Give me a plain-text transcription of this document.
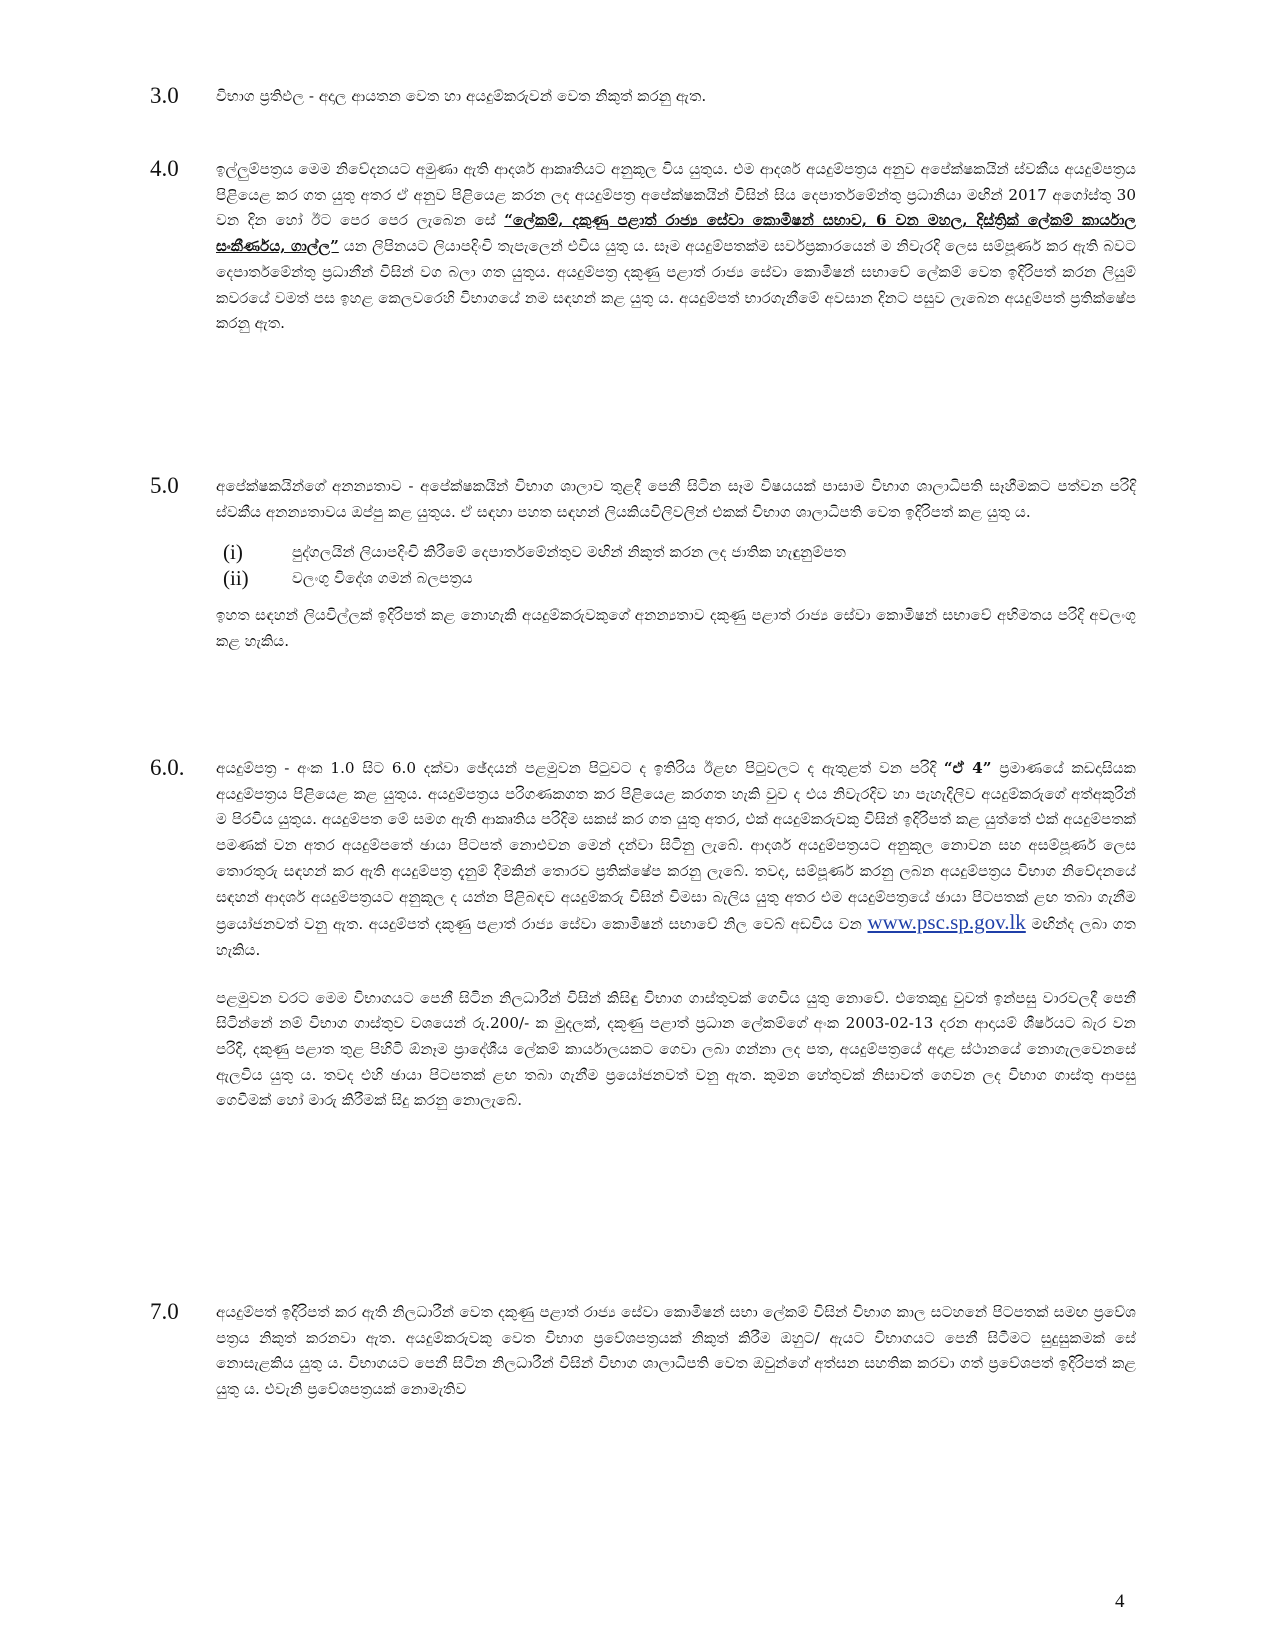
3.0 විභාග ප්‍රතිඵල - අදාල ආයතන වෙත හා අයදුම්කරුවන් වෙත නිකුත් කරනු ඇත.

4.0 ඉල්ලුම්පත්‍රය මෙම නිවේදනයට අමුණා ඇති ආදර්ශ ආකෘතියට අනුකූල විය යුතුය. එම ආදර්ශ අයදුම්පත්‍රය අනුව අපේක්ෂකයින් ස්වකීය අයදුම්පත්‍රය පිළියෙළ කර ගත යුතු අතර ඒ අනුව පිළියෙළ කරන ලද අයදුම්පත්‍ර අපේක්ෂකයින් විසින් සිය දෙපාර්තමේන්තු ප්‍රධානියා මඟින් 2017 අගෝස්තු 30 වන දින හෝ ඊට පෙර පෙර ලැබෙන සේ “ලේකම්, දකුණු පළාත් රාජ්‍ය සේවා කොමිෂන් සභාව, 6 වන මහල, දිස්ත්‍රික් ලේකම් කාර්යාල සංකීර්ණය, ගාල්ල” යන ලිපිනයට ලියාපදිංචි තැපැලෙන් එවිය යුතු ය. සෑම අයදුම්පතක්ම සර්වප්‍රකාරයෙන් ම නිවැරදි ලෙස සම්පූර්ණ කර ඇති බවට දෙපාර්තමේන්තු ප්‍රධානීන් විසින් වග බලා ගත යුතුය. අයදුම්පත්‍ර දකුණු පළාත් රාජ්‍ය සේවා කොමිෂන් සභාවේ ලේකම් වෙත ඉදිරිපත් කරන ලියුම් කවරයේ වමත් පස ඉහළ කෙලවරෙහි විභාගයේ නම සඳහන් කළ යුතු ය. අයදුම්පත් භාරගැනීමේ අවසාන දිනට පසුව ලැබෙන අයදුම්පත් ප්‍රතික්ෂේප කරනු ඇත.

5.0 අපේක්ෂකයින්ගේ අනන්‍යතාව - අපේක්ෂකයින් විභාග ශාලාව තුළදී පෙනී සිටින සෑම විෂයයක් පාසාම විභාග ශාලාධිපති සෑහීමකට පත්වන පරිදි ස්වකීය අනන්‍යතාවය ඔප්පු කළ යුතුය. ඒ සඳහා පහත සඳහන් ලියකියවිලිවලින් එකක් විභාග ශාලාධිපති වෙත ඉදිරිපත් කළ යුතු ය.

(i)	පුද්ගලයින් ලියාපදිංචි කිරීමේ දෙපාර්තමේන්තුව මඟින් නිකුත් කරන ලද ජාතික හැඳුනුම්පත
(ii)	වලංගු විදේශ ගමන් බලපත්‍රය

ඉහත සඳහන් ලියවිල්ලක් ඉදිරිපත් කළ නොහැකි අයදුම්කරුවකුගේ අනන්‍යතාව දකුණු පළාත් රාජ්‍ය සේවා කොමිෂන් සභාවේ අභිමතය පරිදි අවලංගු කළ හැකිය.

6.0. අයදුම්පත්‍ර - අංක 1.0 සිට 6.0 දක්වා ඡේදයන් පළමුවන පිටුවට ද ඉතිරිය ඊළඟ පිටුවලට ද ඇතුළත් වන පරිදි “ඒ 4” ප්‍රමාණයේ කඩදාසියක අයදුම්පත්‍රය පිළියෙළ කළ යුතුය. අයදුම්පත්‍රය පරිගණකගත කර පිළියෙළ කරගත හැකි වුව ද එය නිවැරදිව හා පැහැදිලිව අයදුම්කරුගේ අත්අකුරින් ම පිරවිය යුතුය. අයදුම්පත මේ සමග ඇති ආකෘතිය පරිදිම සකස් කර ගත යුතු අතර, එක් අයදුම්කරුවකු විසින් ඉදිරිපත් කළ යුත්තේ එක් අයදුම්පතක් පමණක් වන අතර අයදුම්පතේ ඡායා පිටපත් නොඑවන මෙන් දන්වා සිටිනු ලැබේ. ආදර්ශ අයදුම්පත්‍රයට අනුකූල නොවන සහ අසම්පූර්ණ ලෙස තොරතුරු සඳහන් කර ඇති අයදුම්පත්‍ර දැනුම් දීමකින් තොරව ප්‍රතික්ෂේප කරනු ලැබේ. තවද, සම්පූර්ණ කරනු ලබන අයදුම්පත්‍රය විභාග නිවේදනයේ සඳහන් ආදර්ශ අයදුම්පත්‍රයට අනුකූල ද යන්න පිළිබඳව අයදුම්කරු විසින් විමසා බැලිය යුතු අතර එම අයදුම්පත්‍රයේ ඡායා පිටපතක් ළඟ තබා ගැනීම ප්‍රයෝජනවත් වනු ඇත. අයදුම්පත් දකුණු පළාත් රාජ්‍ය සේවා කොමිෂන් සභාවේ නිල වෙබ් අඩවිය වන www.psc.sp.gov.lk මඟින්ද ලබා ගත හැකිය.

පළමුවන වරට මෙම විභාගයට පෙනී සිටින නිලධාරීන් විසින් කිසිඳු විභාග ගාස්තුවක් ගෙවිය යුතු නොවේ. එතෙකුදු වුවත් ඉන්පසු වාරවලදී පෙනී සිටින්නේ නම් විභාග ගාස්තුව වශයෙන් රු.200/- ක මුදලක්, දකුණු පළාත් ප්‍රධාන ලේකම්ගේ අංක 2003-02-13 දරන ආදායම් ශීර්ෂයට බැර වන පරිදි, දකුණු පළාත තුළ පිහිටි ඕනෑම ප්‍රාදේශීය ලේකම් කාර්යාලයකට ගෙවා ලබා ගන්නා ලද පත, අයදුම්පත්‍රයේ අදාළ ස්ථානයේ නොගැලවෙනසේ ඇලවිය යුතු ය. තවද එහි ඡායා පිටපතක් ළඟ තබා ගැනීම ප්‍රයෝජනවත් වනු ඇත. කුමන හේතුවක් නිසාවත් ගෙවන ලද විභාග ගාස්තු ආපසු ගෙවීමක් හෝ මාරු කිරීමක් සිදු කරනු නොලැබේ.

7.0 අයදුම්පත් ඉදිරිපත් කර ඇති නිලධාරීන් වෙත දකුණු පළාත් රාජ්‍ය සේවා කොමිෂන් සභා ලේකම් විසින් විභාග කාල සටහනේ පිටපතක් සමඟ ප්‍රවේශ පත්‍රය නිකුත් කරනවා ඇත. අයදුම්කරුවකු වෙත විභාග ප්‍රවේශපත්‍රයක් නිකුත් කිරීම ඔහුට/ ඇයට විභාගයට පෙනී සිටීමට සුදුසුකමක් සේ නොසැළකිය යුතු ය. විභාගයට පෙනී සිටින නිලධාරීන් විසින් විභාග ශාලාධිපති වෙත ඔවුන්ගේ අත්සන සහතික කරවා ගත් ප්‍රවේශපත් ඉදිරිපත් කළ යුතු ය. එවැනි ප්‍රවේශපත්‍රයක් නොමැතිව

4
